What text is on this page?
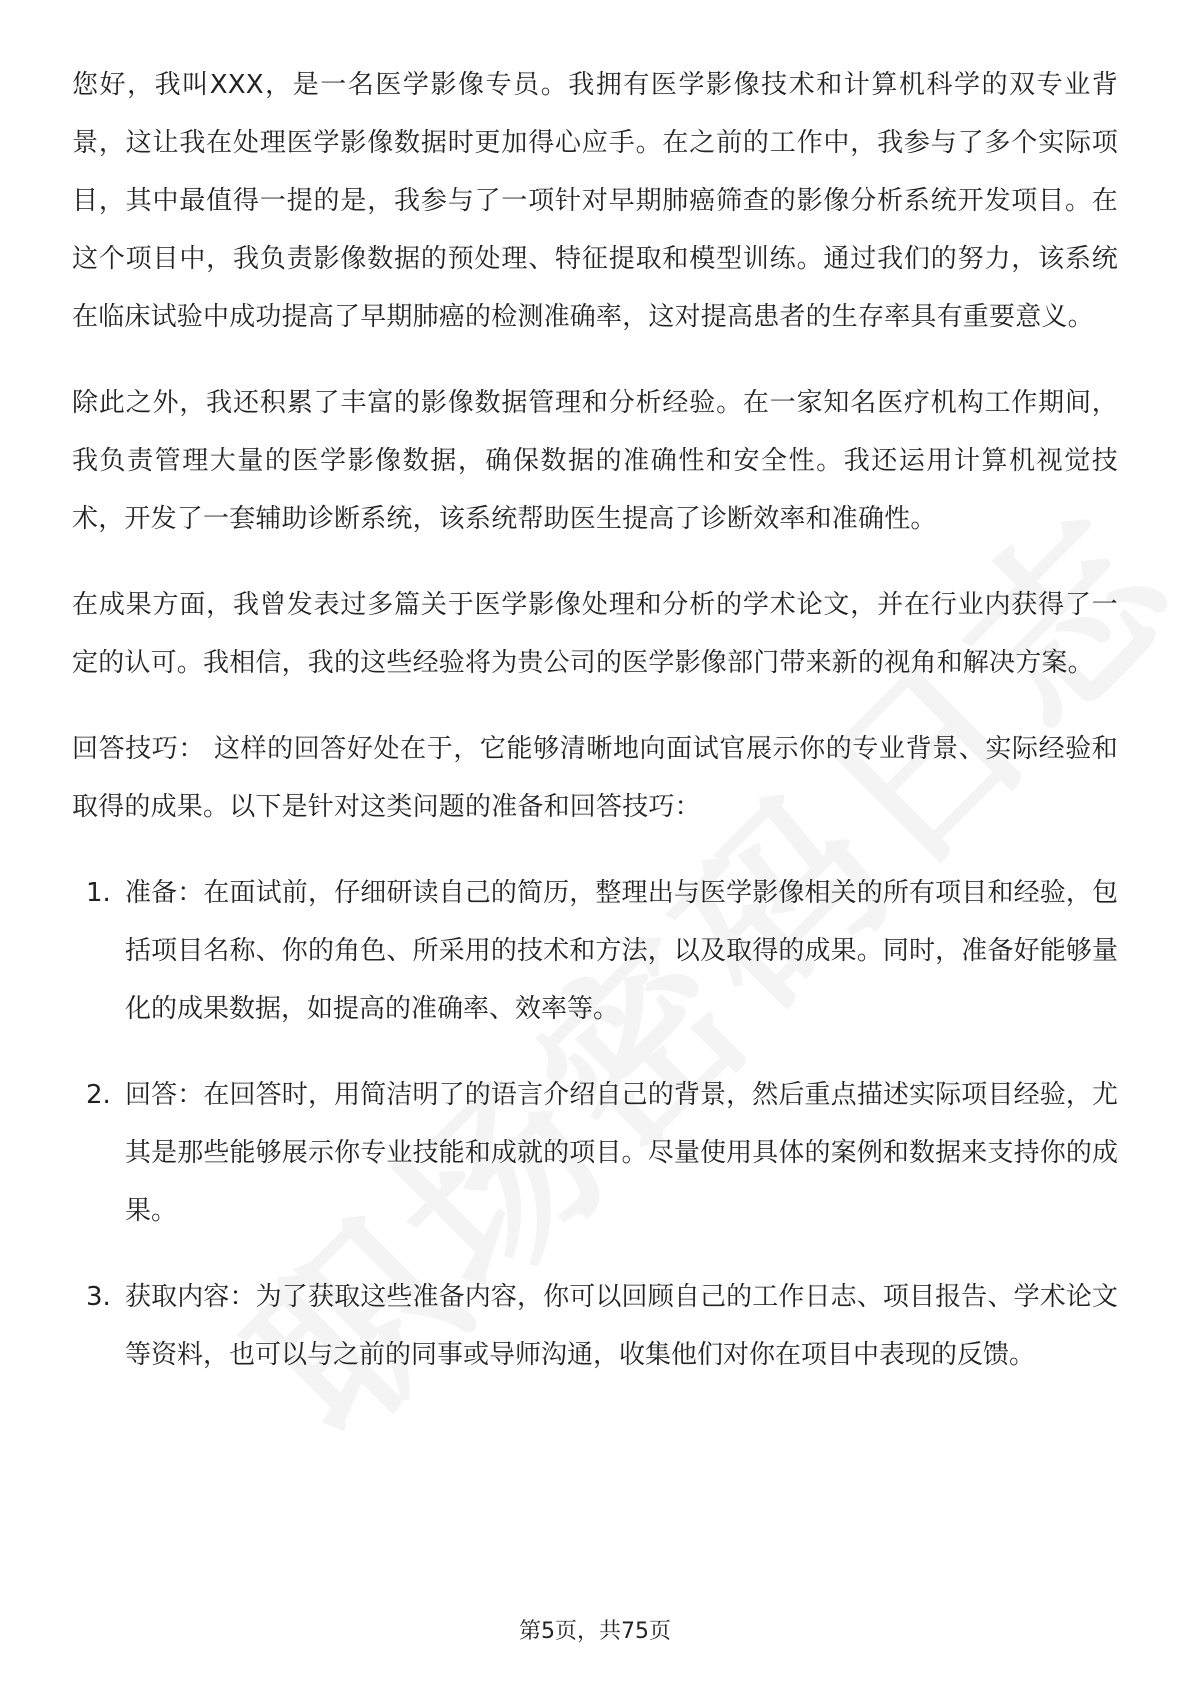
您好，我叫XXX，是一名医学影像专员。我拥有医学影像技术和计算机科学的双专业背景，这让我在处理医学影像数据时更加得心应手。在之前的工作中，我参与了多个实际项目，其中最值得一提的是，我参与了一项针对早期肺癌筛查的影像分析系统开发项目。在这个项目中，我负责影像数据的预处理、特征提取和模型训练。通过我们的努力，该系统在临床试验中成功提高了早期肺癌的检测准确率，这对提高患者的生存率具有重要意义。

除此之外，我还积累了丰富的影像数据管理和分析经验。在一家知名医疗机构工作期间，我负责管理大量的医学影像数据，确保数据的准确性和安全性。我还运用计算机视觉技术，开发了一套辅助诊断系统，该系统帮助医生提高了诊断效率和准确性。

在成果方面，我曾发表过多篇关于医学影像处理和分析的学术论文，并在行业内获得了一定的认可。我相信，我的这些经验将为贵公司的医学影像部门带来新的视角和解决方案。

回答技巧： 这样的回答好处在于，它能够清晰地向面试官展示你的专业背景、实际经验和取得的成果。以下是针对这类问题的准备和回答技巧：

1. 准备：在面试前，仔细研读自己的简历，整理出与医学影像相关的所有项目和经验，包括项目名称、你的角色、所采用的技术和方法，以及取得的成果。同时，准备好能够量化的成果数据，如提高的准确率、效率等。
2. 回答：在回答时，用简洁明了的语言介绍自己的背景，然后重点描述实际项目经验，尤其是那些能够展示你专业技能和成就的项目。尽量使用具体的案例和数据来支持你的成果。
3. 获取内容：为了获取这些准备内容，你可以回顾自己的工作日志、项目报告、学术论文等资料，也可以与之前的同事或导师沟通，收集他们对你在项目中表现的反馈。
第5页，共75页
